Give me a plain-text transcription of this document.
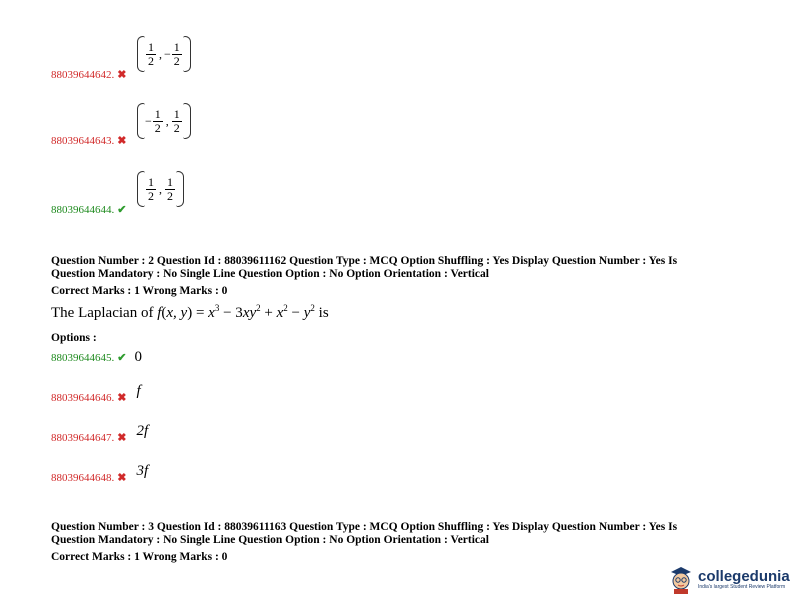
$\frac{1}{2}$ , − $\frac{1}{2}$
88039644642. ✖
− $\frac{1}{2}$ , $\frac{1}{2}$
88039644643. ✖
$\frac{1}{2}$ , $\frac{1}{2}$
88039644644. ✔
Question Number : 2 Question Id : 88039611162 Question Type : MCQ Option Shuffling : Yes Display Question Number : Yes Is
Question Mandatory : No Single Line Question Option : No Option Orientation : Vertical
Correct Marks : 1 Wrong Marks : 0
The Laplacian of f(x, $y) = x^3 - 3xy^2 + x^2 - y^2$ is
Options :
88039644645. ✔ 0
88039644646. ✖ f
88039644647. ✖ 2f
88039644648. ✖ 3f
Question Number : 3 Question Id : 88039611163 Question Type : MCQ Option Shuffling : Yes Display Question Number : Yes Is
Question Mandatory : No Single Line Question Option : No Option Orientation : Vertical
Correct Marks : 1 Wrong Marks : 0
collegedunia
India's largest Student Review Platform
